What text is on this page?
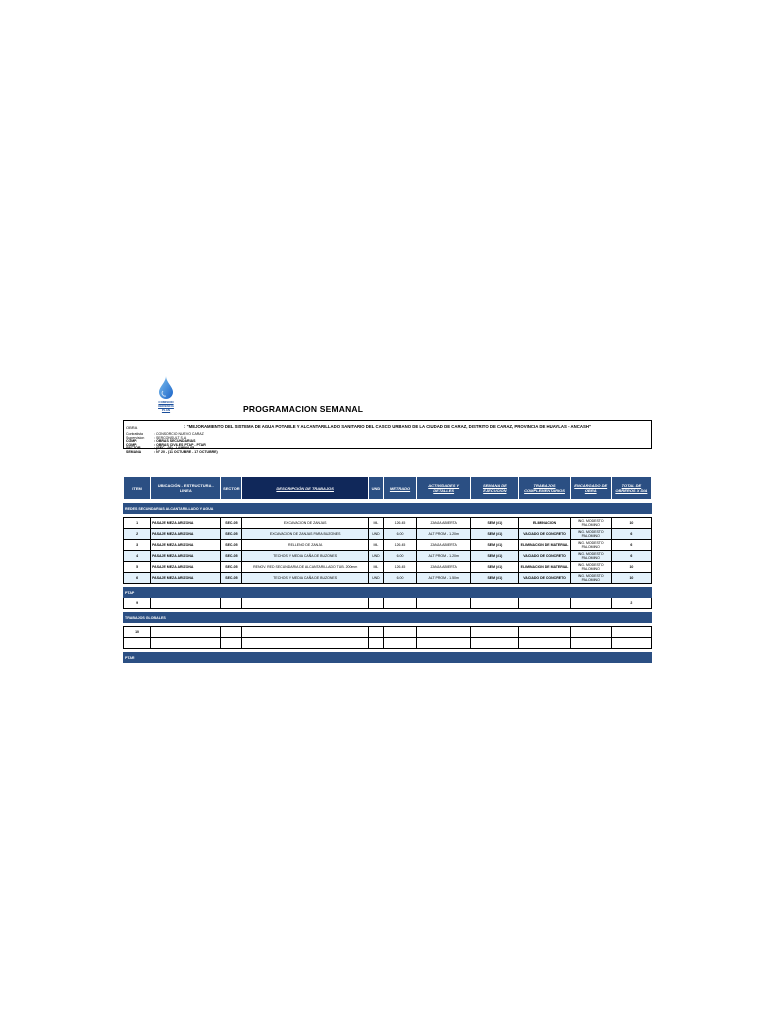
COMISION
GERENCIA
PLAN	PROGRAMACION SEMANAL
OBRA	: "MEJORAMIENTO DEL SISTEMA DE AGUA POTABLE Y ALCANTARILLADO SANITARIO DEL CASCO URBANO DE LA CIUDAD DE CARAZ, DISTRITO DE CARAZ, PROVINCIA DE HUAYLAS - ANCASH"
Contratista	: CONSORCIO NUEVO CARAZ
Supervision	: SERCONSULT S.A
COMP.	: OBRAS SECUNDARIAS
COMP.	: OBRAS CIVILES PTAP - PTAR
SECTOR	: (SEC - 03) - LAMINA 05
SEMANA	: N° 20 - (11 OCTUBRE - 17 OCTUBRE)
ITEM	UBICACIÓN - ESTRUCTURA - LINEA	SECTOR	DESCRIPCIÓN DE TRABAJOS	UND	METRADO	ACTIVIDADES Y DETALLES	SEMANA DE EJECUCION	TRABAJOS COMPLEMENTARIOS	ENCARGADO DE OBRA	TOTAL DE OBREROS X DIA

REDES SECUNDARIAS ALCANTARILLADO Y AGUA										

1	PASAJE MEZA ARIZONA	SEC-05	EXCAVACION DE ZANJAS	ML	126.45	ZANJA ABIERTA	SEM (#1)	ELIMINACION	ING. MODESTO PALOMINO	10
2	PASAJE MEZA ARIZONA	SEC-05	EXCAVACION DE ZANJAS PARA BUZONES	UND	6.00	ALT PROM - 1.20m	SEM (#1)	VACIADO DE CONCRETO	ING. MODESTO PALOMINO	6
3	PASAJE MEZA ARIZONA	SEC-05	RELLENO DE ZANJA	ML	126.45	ZANJA ABIERTA	SEM (#1)	ELIMINACION DE MATERIAL	ING. MODESTO PALOMINO	6
4	PASAJE MEZA ARIZONA	SEC-05	TECHOS Y MEDIA CAÑA DE BUZONES	UND	6.00	ALT PROM - 1.20m	SEM (#1)	VACIADO DE CONCRETO	ING. MODESTO PALOMINO	6
5	PASAJE MEZA ARIZONA	SEC-05	RENOV. RED SECUNDARIA DE ALCANTARILLADO TUB. 200mm	ML	126.45	ZANJA ABIERTA	SEM (#1)	ELIMINACION DE MATERIAL	ING. MODESTO PALOMINO	10
6	PASAJE MEZA ARIZONA	SEC-05	TECHOS Y MEDIA CAÑA DE BUZONES	UND	6.00	ALT PROM - 1.50m	SEM (#1)	VACIADO DE CONCRETO	ING. MODESTO PALOMINO	10

PTAP										
9										2

TRABAJOS GLOBALES										

10										

PTAR										
